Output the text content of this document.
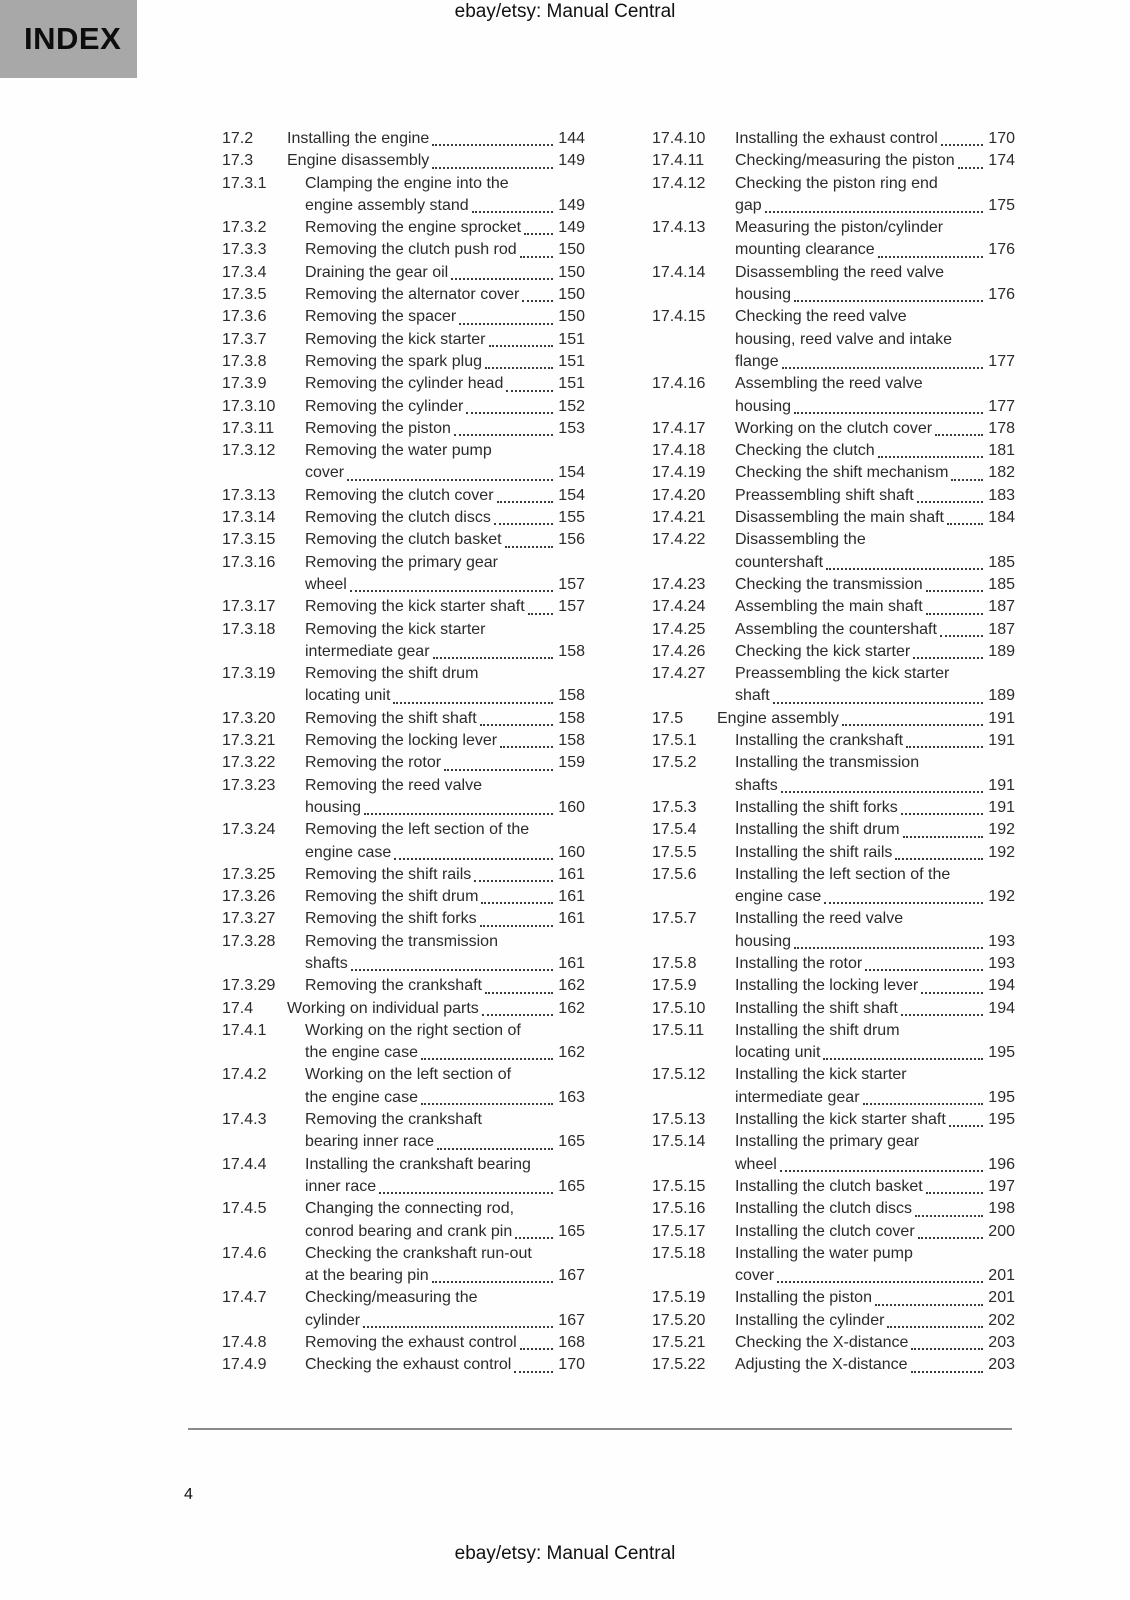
ebay/etsy: Manual Central
INDEX
17.2	Installing the engine	144
17.3	Engine disassembly	149
17.3.1	Clamping the engine into the
engine assembly stand	149
17.3.2	Removing the engine sprocket 149
17.3.3	Removing the clutch push rod	150
17.3.4	Draining the gear oil	150
17.3.5	Removing the alternator cover 150
17.3.6	Removing the spacer	150
17.3.7	Removing the kick starter	151
17.3.8	Removing the spark plug	151
17.3.9	Removing the cylinder head	151
17.3.10	Removing the cylinder	152
17.3.11	Removing the piston	153
17.3.12	Removing the water pump
cover	154
17.3.13	Removing the clutch cover	154
17.3.14	Removing the clutch discs	155
17.3.15	Removing the clutch basket	156
17.3.16	Removing the primary gear
wheel	157
17.3.17	Removing the kick starter shaft 157
17.3.18	Removing the kick starter
intermediate gear	158
17.3.19	Removing the shift drum
locating unit	158
17.3.20	Removing the shift shaft	158
17.3.21	Removing the locking lever	158
17.3.22	Removing the rotor	159
17.3.23	Removing the reed valve
housing	160
17.3.24	Removing the left section of the
engine case	160
17.3.25	Removing the shift rails	161
17.3.26	Removing the shift drum	161
17.3.27	Removing the shift forks	161
17.3.28	Removing the transmission
shafts	161
17.3.29	Removing the crankshaft	162
17.4	Working on individual parts	162
17.4.1	Working on the right section of
the engine case	162
17.4.2	Working on the left section of
the engine case	163
17.4.3	Removing the crankshaft
bearing inner race	165
17.4.4	Installing the crankshaft bearing
inner race	165
17.4.5	Changing the connecting rod,
conrod bearing and crank pin	165
17.4.6	Checking the crankshaft run-out
at the bearing pin	167
17.4.7	Checking/measuring the
cylinder	167
17.4.8	Removing the exhaust control	168
17.4.9	Checking the exhaust control	170
17.4.10	Installing the exhaust control	170
17.4.11	Checking/measuring the piston 174
17.4.12	Checking the piston ring end
gap	175
17.4.13	Measuring the piston/cylinder
mounting clearance	176
17.4.14	Disassembling the reed valve
housing	176
17.4.15	Checking the reed valve
housing, reed valve and intake
flange	177
17.4.16	Assembling the reed valve
housing	177
17.4.17	Working on the clutch cover	178
17.4.18	Checking the clutch	181
17.4.19	Checking the shift mechanism 182
17.4.20	Preassembling shift shaft	183
17.4.21	Disassembling the main shaft	184
17.4.22	Disassembling the
countershaft	185
17.4.23	Checking the transmission	185
17.4.24	Assembling the main shaft	187
17.4.25	Assembling the countershaft	187
17.4.26	Checking the kick starter	189
17.4.27	Preassembling the kick starter
shaft	189
17.5	Engine assembly	191
17.5.1	Installing the crankshaft	191
17.5.2	Installing the transmission
shafts	191
17.5.3	Installing the shift forks	191
17.5.4	Installing the shift drum	192
17.5.5	Installing the shift rails	192
17.5.6	Installing the left section of the
engine case	192
17.5.7	Installing the reed valve
housing	193
17.5.8	Installing the rotor	193
17.5.9	Installing the locking lever	194
17.5.10	Installing the shift shaft	194
17.5.11	Installing the shift drum
locating unit	195
17.5.12	Installing the kick starter
intermediate gear	195
17.5.13	Installing the kick starter shaft	195
17.5.14	Installing the primary gear
wheel	196
17.5.15	Installing the clutch basket	197
17.5.16	Installing the clutch discs	198
17.5.17	Installing the clutch cover	200
17.5.18	Installing the water pump
cover	201
17.5.19	Installing the piston	201
17.5.20	Installing the cylinder	202
17.5.21	Checking the X-distance	203
17.5.22	Adjusting the X-distance	203
4
ebay/etsy: Manual Central
